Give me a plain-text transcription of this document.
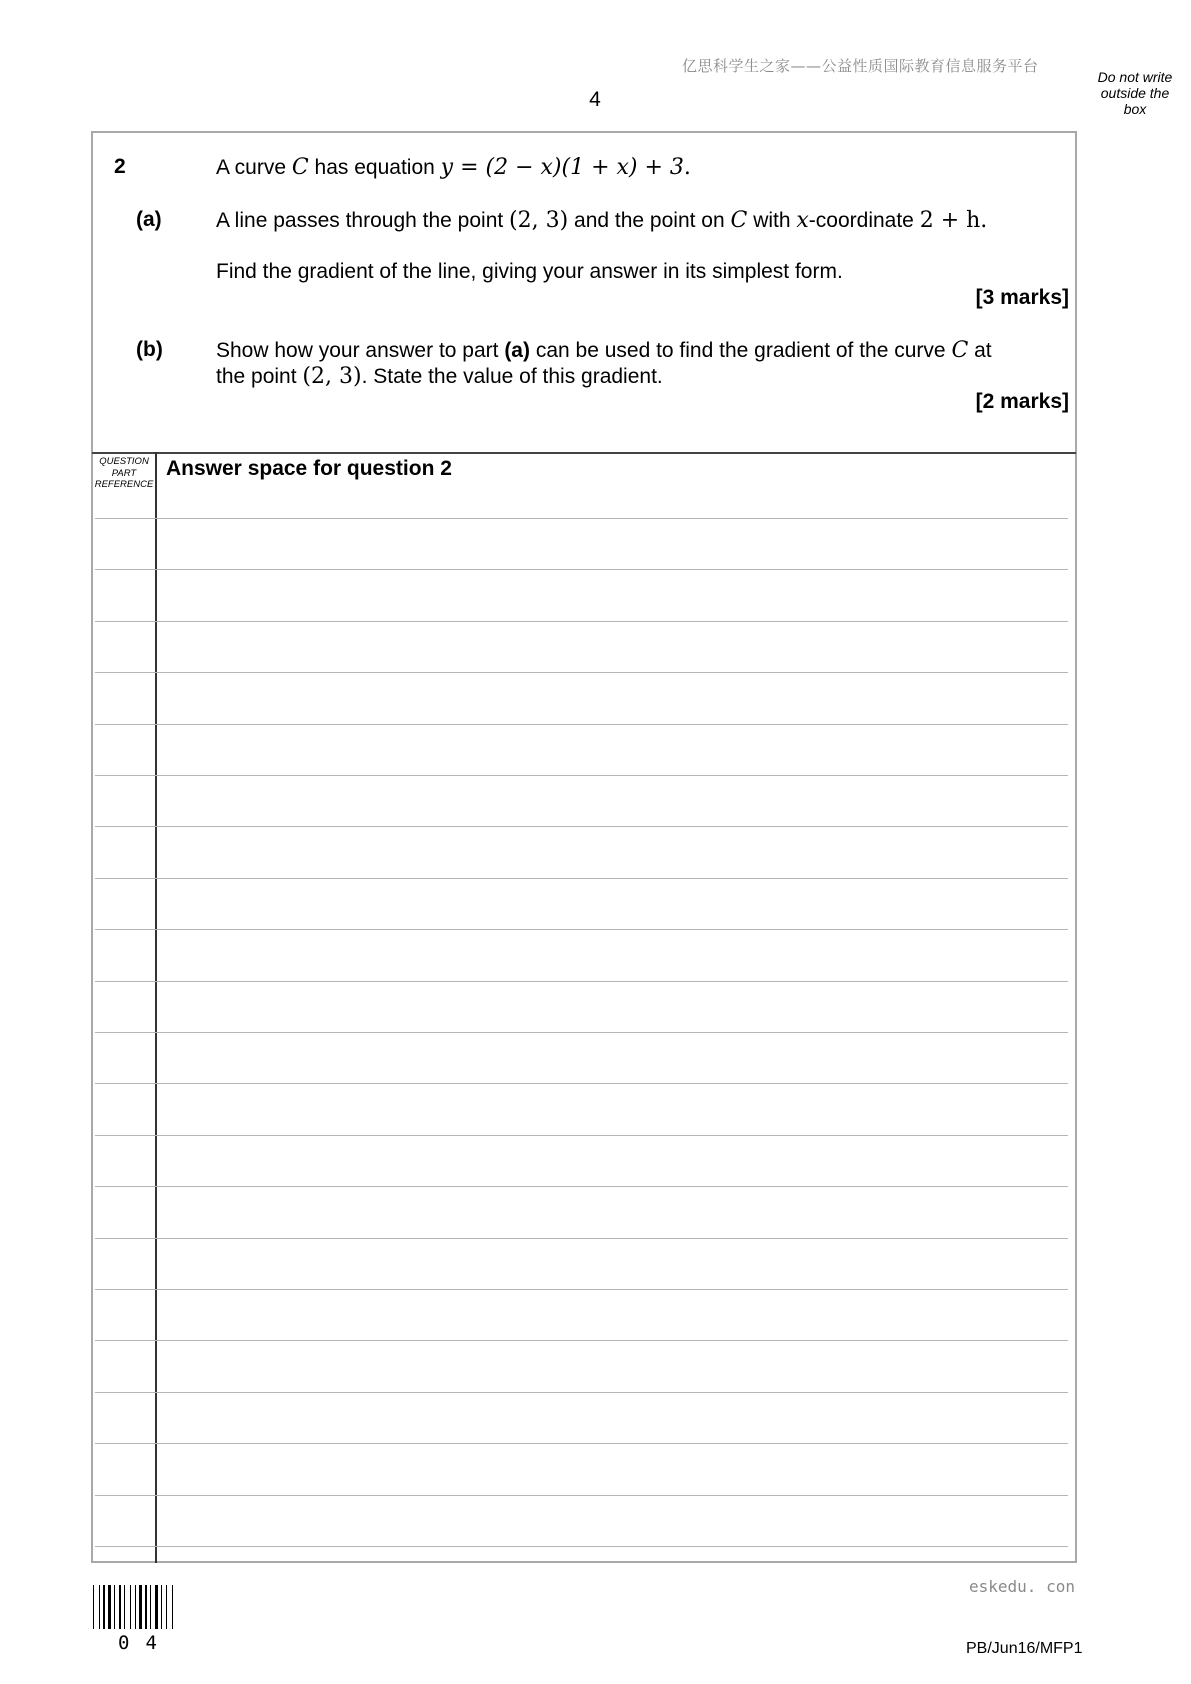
亿思科学生之家——公益性质国际教育信息服务平台
4
Do not write
outside the
box
2	A curve C has equation y = (2 − x)(1 + x) + 3.
(a)	A line passes through the point (2, 3) and the point on C with x-coordinate 2 + h.
Find the gradient of the line, giving your answer in its simplest form.
[3 marks]
(b)	Show how your answer to part (a) can be used to find the gradient of the curve C at
the point (2, 3). State the value of this gradient.
[2 marks]
QUESTION
PART
REFERENCE
Answer space for question 2
eskedu. con
04	PB/Jun16/MFP1
